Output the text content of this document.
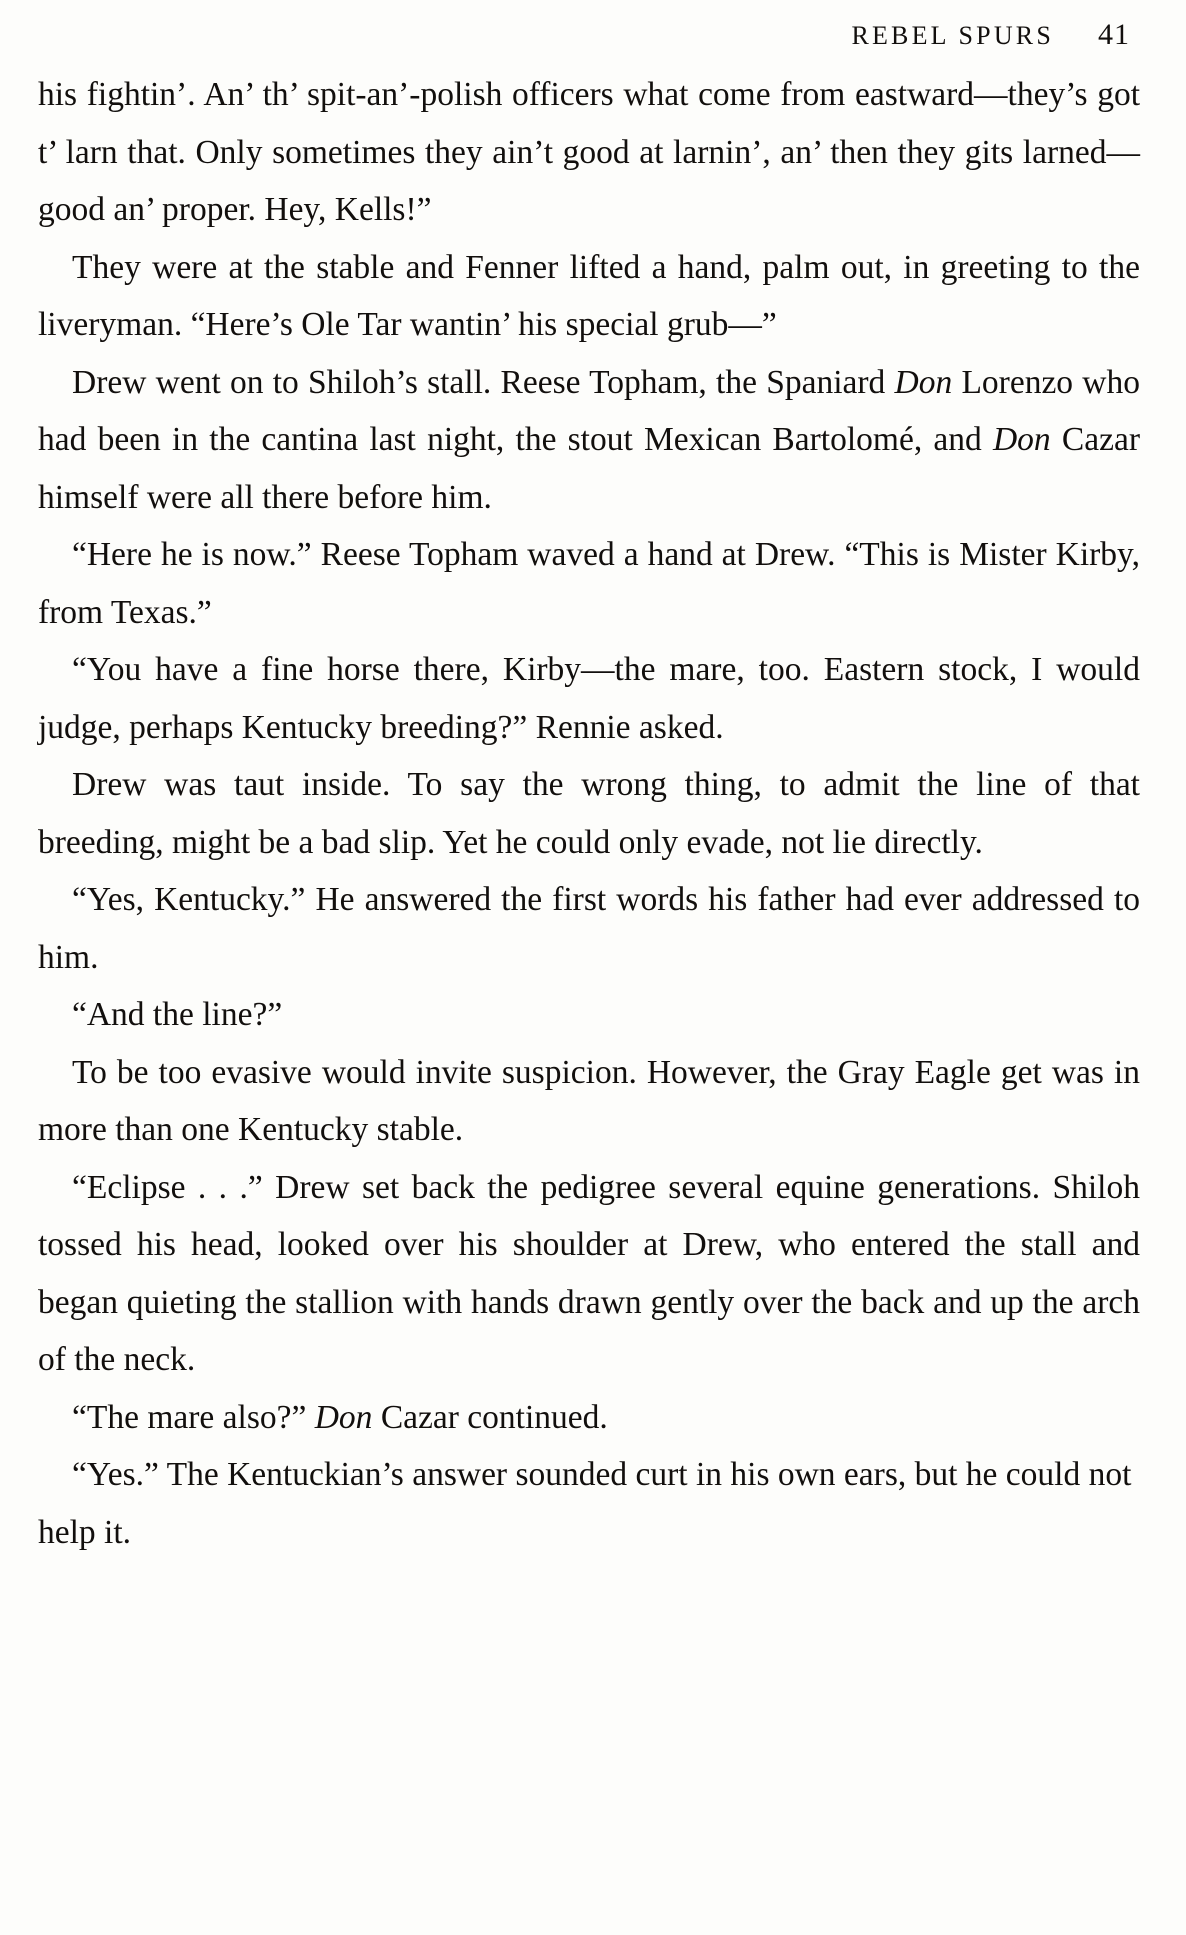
REBEL SPURS 41

his fightin’. An’ th’ spit-an’-polish officers what come from eastward—they’s got t’ larn that. Only sometimes they ain’t good at larnin’, an’ then they gits larned—good an’ proper. Hey, Kells!”

They were at the stable and Fenner lifted a hand, palm out, in greeting to the liveryman. “Here’s Ole Tar wantin’ his special grub—”

Drew went on to Shiloh’s stall. Reese Topham, the Spaniard Don Lorenzo who had been in the cantina last night, the stout Mexican Bartolomé, and Don Cazar himself were all there before him.

“Here he is now.” Reese Topham waved a hand at Drew. “This is Mister Kirby, from Texas.”

“You have a fine horse there, Kirby—the mare, too. Eastern stock, I would judge, perhaps Kentucky breeding?” Rennie asked.

Drew was taut inside. To say the wrong thing, to admit the line of that breeding, might be a bad slip. Yet he could only evade, not lie directly.

“Yes, Kentucky.” He answered the first words his father had ever addressed to him.

“And the line?”

To be too evasive would invite suspicion. However, the Gray Eagle get was in more than one Kentucky stable.

“Eclipse . . .” Drew set back the pedigree several equine generations. Shiloh tossed his head, looked over his shoulder at Drew, who entered the stall and began quieting the stallion with hands drawn gently over the back and up the arch of the neck.

“The mare also?” Don Cazar continued.

“Yes.” The Kentuckian’s answer sounded curt in his own ears, but he could not help it.
